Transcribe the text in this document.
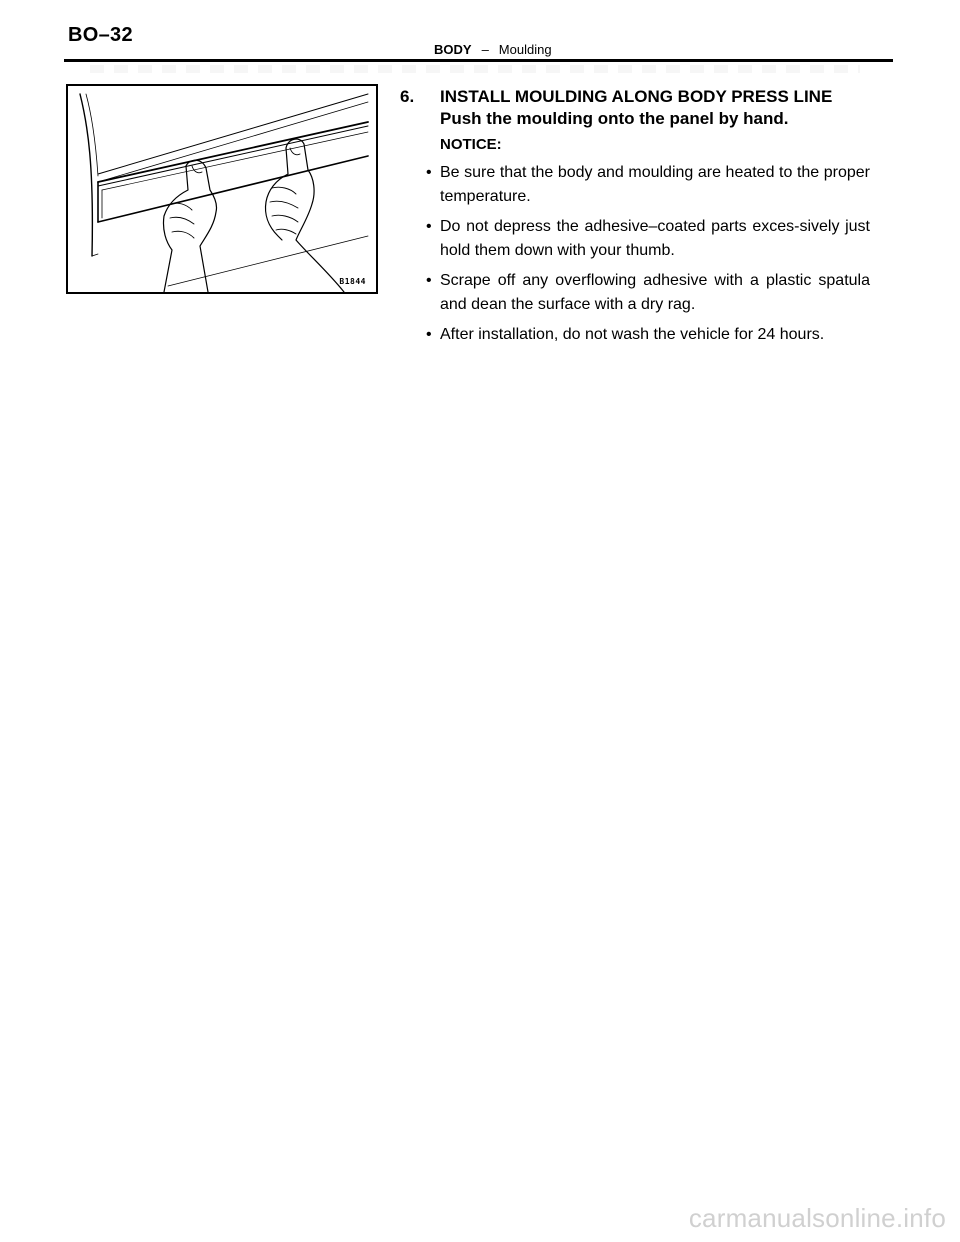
BO–32
BODY – Moulding
B1844
6.	INSTALL MOULDING ALONG BODY PRESS LINE
Push the moulding onto the panel by hand.
NOTICE:
• Be sure that the body and moulding are heated to the proper temperature.
• Do not depress the adhesive–coated parts exces-sively just hold them down with your thumb.
• Scrape off any overflowing adhesive with a plastic spatula and dean the surface with a dry rag.
• After installation, do not wash the vehicle for 24 hours.
carmanualsonline.info
